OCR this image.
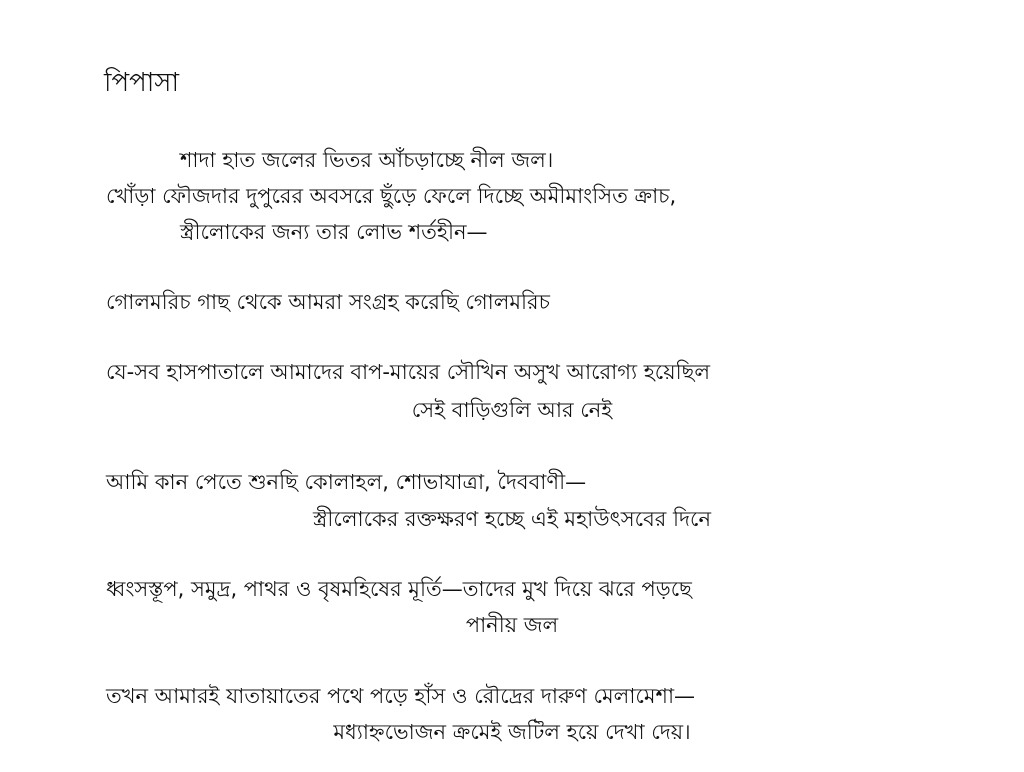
পিপাসা
শাদা হাত জলের ভিতর আঁচড়াচ্ছে নীল জল।
খোঁড়া ফৌজদার দুপুরের অবসরে ছুঁড়ে ফেলে দিচ্ছে অমীমাংসিত ক্রাচ,
স্ত্রীলোকের জন্য তার লোভ শর্তহীন—
গোলমরিচ গাছ থেকে আমরা সংগ্রহ করেছি গোলমরিচ
যে-সব হাসপাতালে আমাদের বাপ-মায়ের সৌখিন অসুখ আরোগ্য হয়েছিল
সেই বাড়িগুলি আর নেই
আমি কান পেতে শুনছি কোলাহল, শোভাযাত্রা, দৈববাণী—
স্ত্রীলোকের রক্তক্ষরণ হচ্ছে এই মহাউৎসবের দিনে
ধ্বংসস্তূপ, সমুদ্র, পাথর ও বৃষমহিষের মূর্তি—তাদের মুখ দিয়ে ঝরে পড়ছে
পানীয় জল
তখন আমারই যাতায়াতের পথে পড়ে হাঁস ও রৌদ্রের দারুণ মেলামেশা—
মধ্যাহ্নভোজন ক্রমেই জটিল হয়ে দেখা দেয়।
